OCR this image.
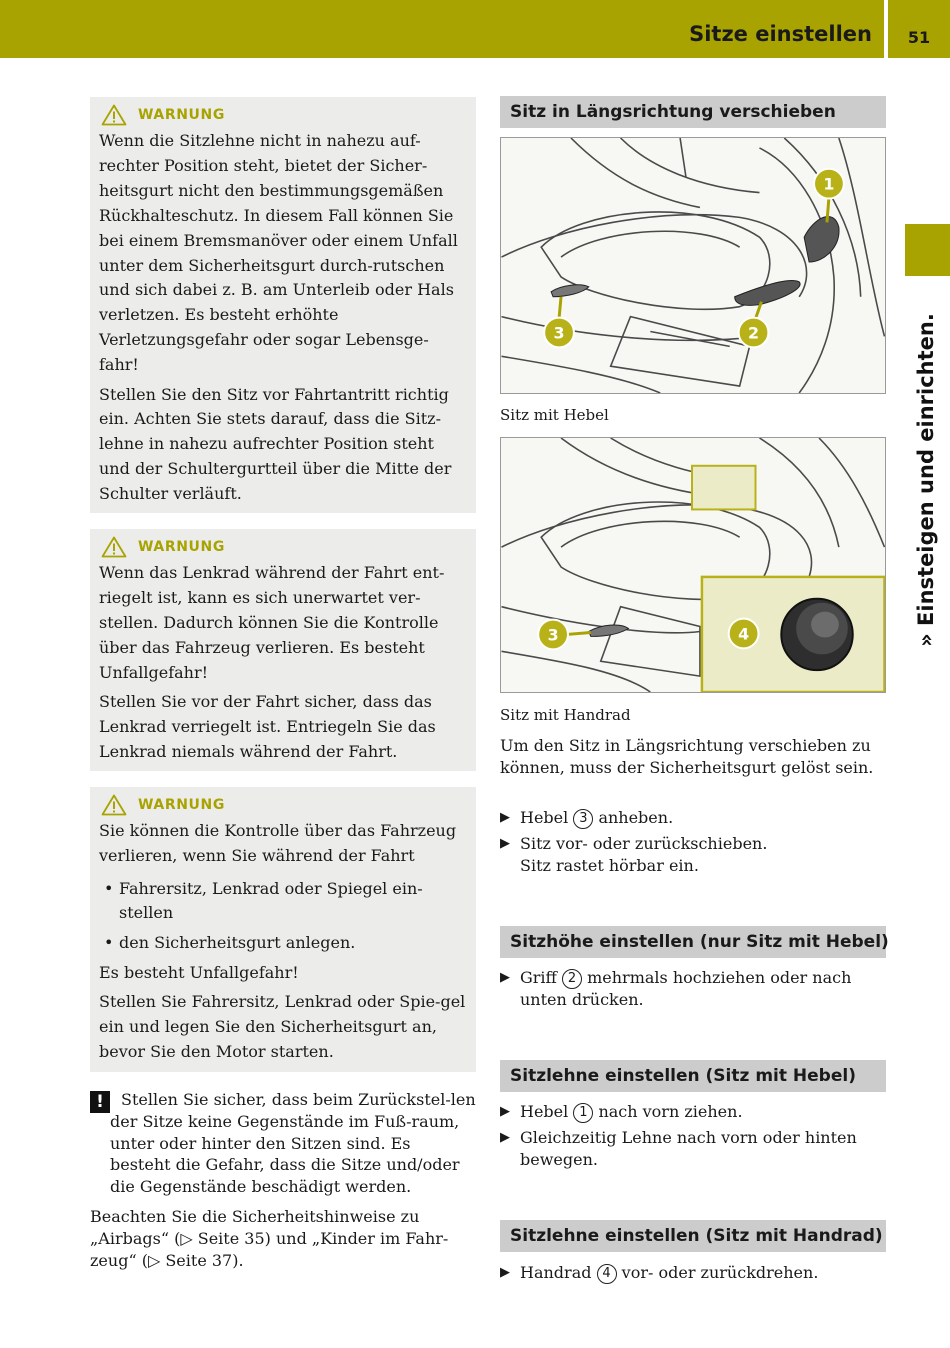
Sitze einstellen	51
» Einsteigen und einrichten.
WARNUNG

Wenn die Sitzlehne nicht in nahezu auf-rechter Position steht, bietet der Sicher-heitsgurt nicht den bestimmungsgemäßen Rückhalteschutz. In diesem Fall können Sie bei einem Bremsmanöver oder einem Unfall unter dem Sicherheitsgurt durch-rutschen und sich dabei z. B. am Unterleib oder Hals verletzen. Es besteht erhöhte Verletzungsgefahr oder sogar Lebensge-fahr!

Stellen Sie den Sitz vor Fahrtantritt richtig ein. Achten Sie stets darauf, dass die Sitz-lehne in nahezu aufrechter Position steht und der Schultergurtteil über die Mitte der Schulter verläuft.

WARNUNG

Wenn das Lenkrad während der Fahrt ent-riegelt ist, kann es sich unerwartet ver-stellen. Dadurch können Sie die Kontrolle über das Fahrzeug verlieren. Es besteht Unfallgefahr!

Stellen Sie vor der Fahrt sicher, dass das Lenkrad verriegelt ist. Entriegeln Sie das Lenkrad niemals während der Fahrt.

WARNUNG

Sie können die Kontrolle über das Fahrzeug verlieren, wenn Sie während der Fahrt

• Fahrersitz, Lenkrad oder Spiegel ein-stellen
• den Sicherheitsgurt anlegen.

Es besteht Unfallgefahr!

Stellen Sie Fahrersitz, Lenkrad oder Spie-gel ein und legen Sie den Sicherheitsgurt an, bevor Sie den Motor starten.

!	Stellen Sie sicher, dass beim Zurückstel-len der Sitze keine Gegenstände im Fuß-raum, unter oder hinter den Sitzen sind. Es besteht die Gefahr, dass die Sitze und/oder die Gegenstände beschädigt werden.

Beachten Sie die Sicherheitshinweise zu „Airbags“ (▷ Seite 35) und „Kinder im Fahr-zeug“ (▷ Seite 37).
Sitz in Längsrichtung verschieben
1
2
3
Sitz mit Hebel
4
3
Sitz mit Handrad
Um den Sitz in Längsrichtung verschieben zu können, muss der Sicherheitsgurt gelöst sein.
▶ Hebel 3 anheben.
▶ Sitz vor- oder zurückschieben.
Sitz rastet hörbar ein.
Sitzhöhe einstellen (nur Sitz mit Hebel)
▶ Griff 2 mehrmals hochziehen oder nach unten drücken.
Sitzlehne einstellen (Sitz mit Hebel)
▶ Hebel 1 nach vorn ziehen.
▶ Gleichzeitig Lehne nach vorn oder hinten bewegen.
Sitzlehne einstellen (Sitz mit Handrad)
▶ Handrad 4 vor- oder zurückdrehen.
